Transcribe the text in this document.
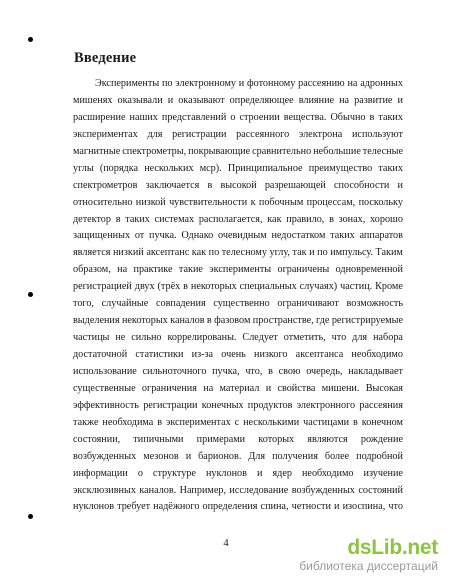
Введение
Эксперименты по электронному и фотонному рассеянию на адронных
мишенях оказывали и оказывают определяющее влияние на развитие и
расширение наших представлений о строении вещества. Обычно в таких
экспериментах для регистрации рассеянного электрона используют
магнитные спектрометры, покрывающие сравнительно небольшие телесные
углы (порядка нескольких мср). Принципиальное преимущество таких
спектрометров заключается в высокой разрешающей способности и
относительно низкой чувствительности к побочным процессам, поскольку
детектор в таких системах располагается, как правило, в зонах, хорошо
защищенных от пучка. Однако очевидным недостатком таких аппаратов
является низкий аксептанс как по телесному углу, так и по импульсу. Таким
образом, на практике такие эксперименты ограничены одновременной
регистрацией двух (трёх в некоторых специальных случаях) частиц. Кроме
того, случайные совпадения существенно ограничивают возможность
выделения некоторых каналов в фазовом пространстве, где регистрируемые
частицы не сильно коррелированы. Следует отметить, что для набора
достаточной статистики из-за очень низкого аксептанса необходимо
использование сильноточного пучка, что, в свою очередь, накладывает
существенные ограничения на материал и свойства мишени. Высокая
эффективность регистрации конечных продуктов электронного рассеяния
также необходима в экспериментах с несколькими частицами в конечном
состоянии, типичными примерами которых являются рождение
возбужденных мезонов и барионов. Для получения более подробной
информации о структуре нуклонов и ядер необходимо изучение
эксклюзивных каналов. Например, исследование возбужденных состояний
нуклонов требует надёжного определения спина, четности и изоспина, что
4	dsLib.net
библиотека диссертаций
